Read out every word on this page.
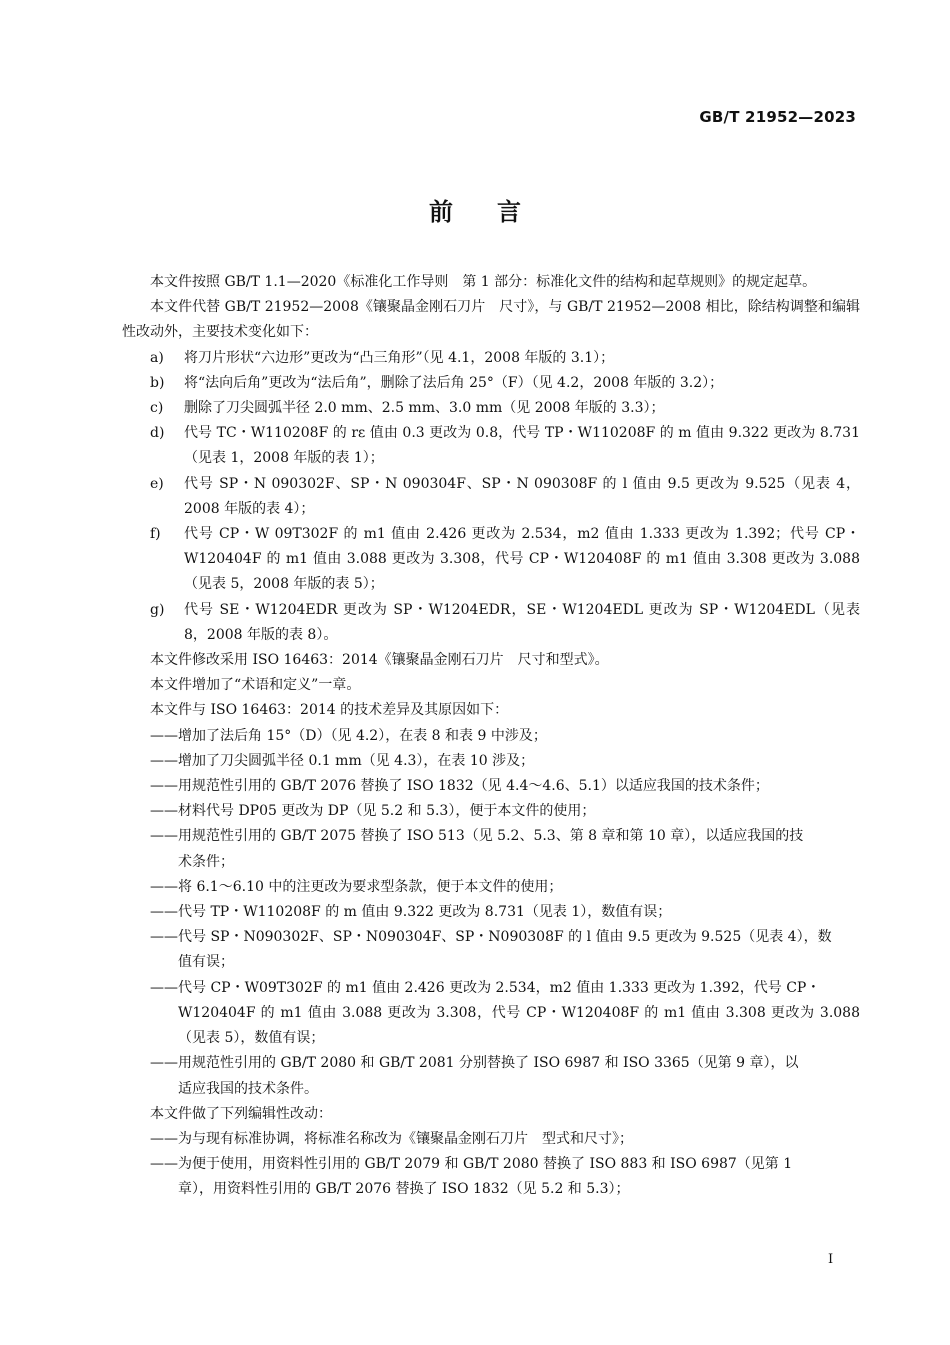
GB/T 21952—2023
前言

本文件按照 GB/T 1.1—2020《标准化工作导则　第 1 部分：标准化文件的结构和起草规则》的规定起草。

本文件代替 GB/T 21952—2008《镶聚晶金刚石刀片　尺寸》，与 GB/T 21952—2008 相比，除结构调整和编辑性改动外，主要技术变化如下：

a)	将刀片形状“六边形”更改为“凸三角形”（见 4.1，2008 年版的 3.1）；
b)	将“法向后角”更改为“法后角”，删除了法后角 25°（F）（见 4.2，2008 年版的 3.2）；
c)	删除了刀尖圆弧半径 2.0 mm、2.5 mm、3.0 mm（见 2008 年版的 3.3）；
d)	代号 TC・W110208F 的 rε 值由 0.3 更改为 0.8，代号 TP・W110208F 的 m 值由 9.322 更改为 8.731（见表 1，2008 年版的表 1）；
e)	代号 SP・N 090302F、SP・N 090304F、SP・N 090308F 的 l 值由 9.5 更改为 9.525（见表 4，2008 年版的表 4）；
f)	代号 CP・W 09T302F 的 m1 值由 2.426 更改为 2.534，m2 值由 1.333 更改为 1.392；代号 CP・W120404F 的 m1 值由 3.088 更改为 3.308，代号 CP・W120408F 的 m1 值由 3.308 更改为 3.088（见表 5，2008 年版的表 5）；
g)	代号 SE・W1204EDR 更改为 SP・W1204EDR，SE・W1204EDL 更改为 SP・W1204EDL（见表 8，2008 年版的表 8）。

本文件修改采用 ISO 16463：2014《镶聚晶金刚石刀片　尺寸和型式》。

本文件增加了“术语和定义”一章。

本文件与 ISO 16463：2014 的技术差异及其原因如下：

——增加了法后角 15°（D）（见 4.2），在表 8 和表 9 中涉及；
——增加了刀尖圆弧半径 0.1 mm（见 4.3），在表 10 涉及；
——用规范性引用的 GB/T 2076 替换了 ISO 1832（见 4.4～4.6、5.1）以适应我国的技术条件；
——材料代号 DP05 更改为 DP（见 5.2 和 5.3），便于本文件的使用；
——用规范性引用的 GB/T 2075 替换了 ISO 513（见 5.2、5.3、第 8 章和第 10 章），以适应我国的技
术条件；
——将 6.1～6.10 中的注更改为要求型条款，便于本文件的使用；
——代号 TP・W110208F 的 m 值由 9.322 更改为 8.731（见表 1），数值有误；
——代号 SP・N090302F、SP・N090304F、SP・N090308F 的 l 值由 9.5 更改为 9.525（见表 4），数
值有误；
——代号 CP・W09T302F 的 m1 值由 2.426 更改为 2.534，m2 值由 1.333 更改为 1.392，代号 CP・
W120404F 的 m1 值由 3.088 更改为 3.308，代号 CP・W120408F 的 m1 值由 3.308 更改为 3.088（见表 5），数值有误；
——用规范性引用的 GB/T 2080 和 GB/T 2081 分别替换了 ISO 6987 和 ISO 3365（见第 9 章），以
适应我国的技术条件。

本文件做了下列编辑性改动：

——为与现有标准协调，将标准名称改为《镶聚晶金刚石刀片　型式和尺寸》；
——为便于使用，用资料性引用的 GB/T 2079 和 GB/T 2080 替换了 ISO 883 和 ISO 6987（见第 1
章），用资料性引用的 GB/T 2076 替换了 ISO 1832（见 5.2 和 5.3）；
I
